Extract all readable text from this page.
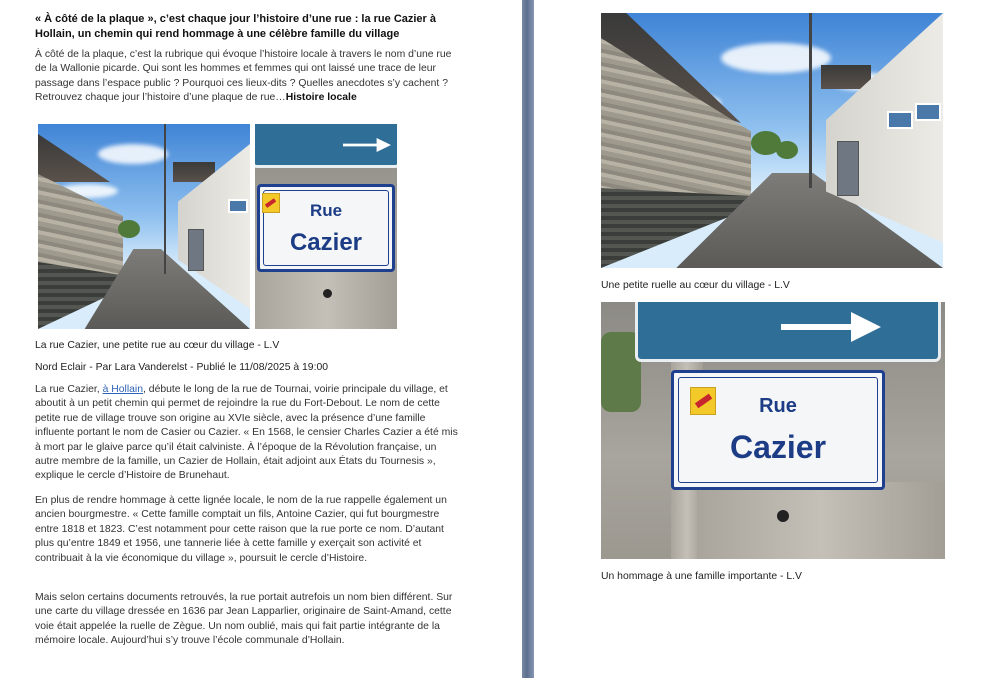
« À côté de la plaque », c’est chaque jour l’histoire d’une rue : la rue Cazier à Hollain, un chemin qui rend hommage à une célèbre famille du village
À côté de la plaque, c’est la rubrique qui évoque l’histoire locale à travers le nom d’une rue de la Wallonie picarde. Qui sont les hommes et femmes qui ont laissé une trace de leur passage dans l’espace public ? Pourquoi ces lieux-dits ? Quelles anecdotes s’y cachent ? Retrouvez chaque jour l’histoire d’une plaque de rue…Histoire locale
Rue
Cazier
La rue Cazier, une petite rue au cœur du village - L.V
Nord Eclair - Par Lara Vanderelst - Publié le 11/08/2025 à 19:00
La rue Cazier, à Hollain, débute le long de la rue de Tournai, voirie principale du village, et aboutit à un petit chemin qui permet de rejoindre la rue du Fort-Debout. Le nom de cette petite rue de village trouve son origine au XVIe siècle, avec la présence d’une famille influente portant le nom de Casier ou Cazier. « En 1568, le censier Charles Cazier a été mis à mort par le glaive parce qu’il était calviniste. À l’époque de la Révolution française, un autre membre de la famille, un Cazier de Hollain, était adjoint aux États du Tournesis », explique le cercle d’Histoire de Brunehaut.
En plus de rendre hommage à cette lignée locale, le nom de la rue rappelle également un ancien bourgmestre. « Cette famille comptait un fils, Antoine Cazier, qui fut bourgmestre entre 1818 et 1823. C’est notamment pour cette raison que la rue porte ce nom. D’autant plus qu’entre 1849 et 1956, une tannerie liée à cette famille y exerçait son activité et contribuait à la vie économique du village », poursuit le cercle d’Histoire.
Mais selon certains documents retrouvés, la rue portait autrefois un nom bien différent. Sur une carte du village dressée en 1636 par Jean Lapparlier, originaire de Saint-Amand, cette voie était appelée la ruelle de Zègue. Un nom oublié, mais qui fait partie intégrante de la mémoire locale. Aujourd’hui s’y trouve l’école communale d’Hollain.
Une petite ruelle au cœur du village - L.V
Rue
Cazier
Un hommage à une famille importante - L.V
